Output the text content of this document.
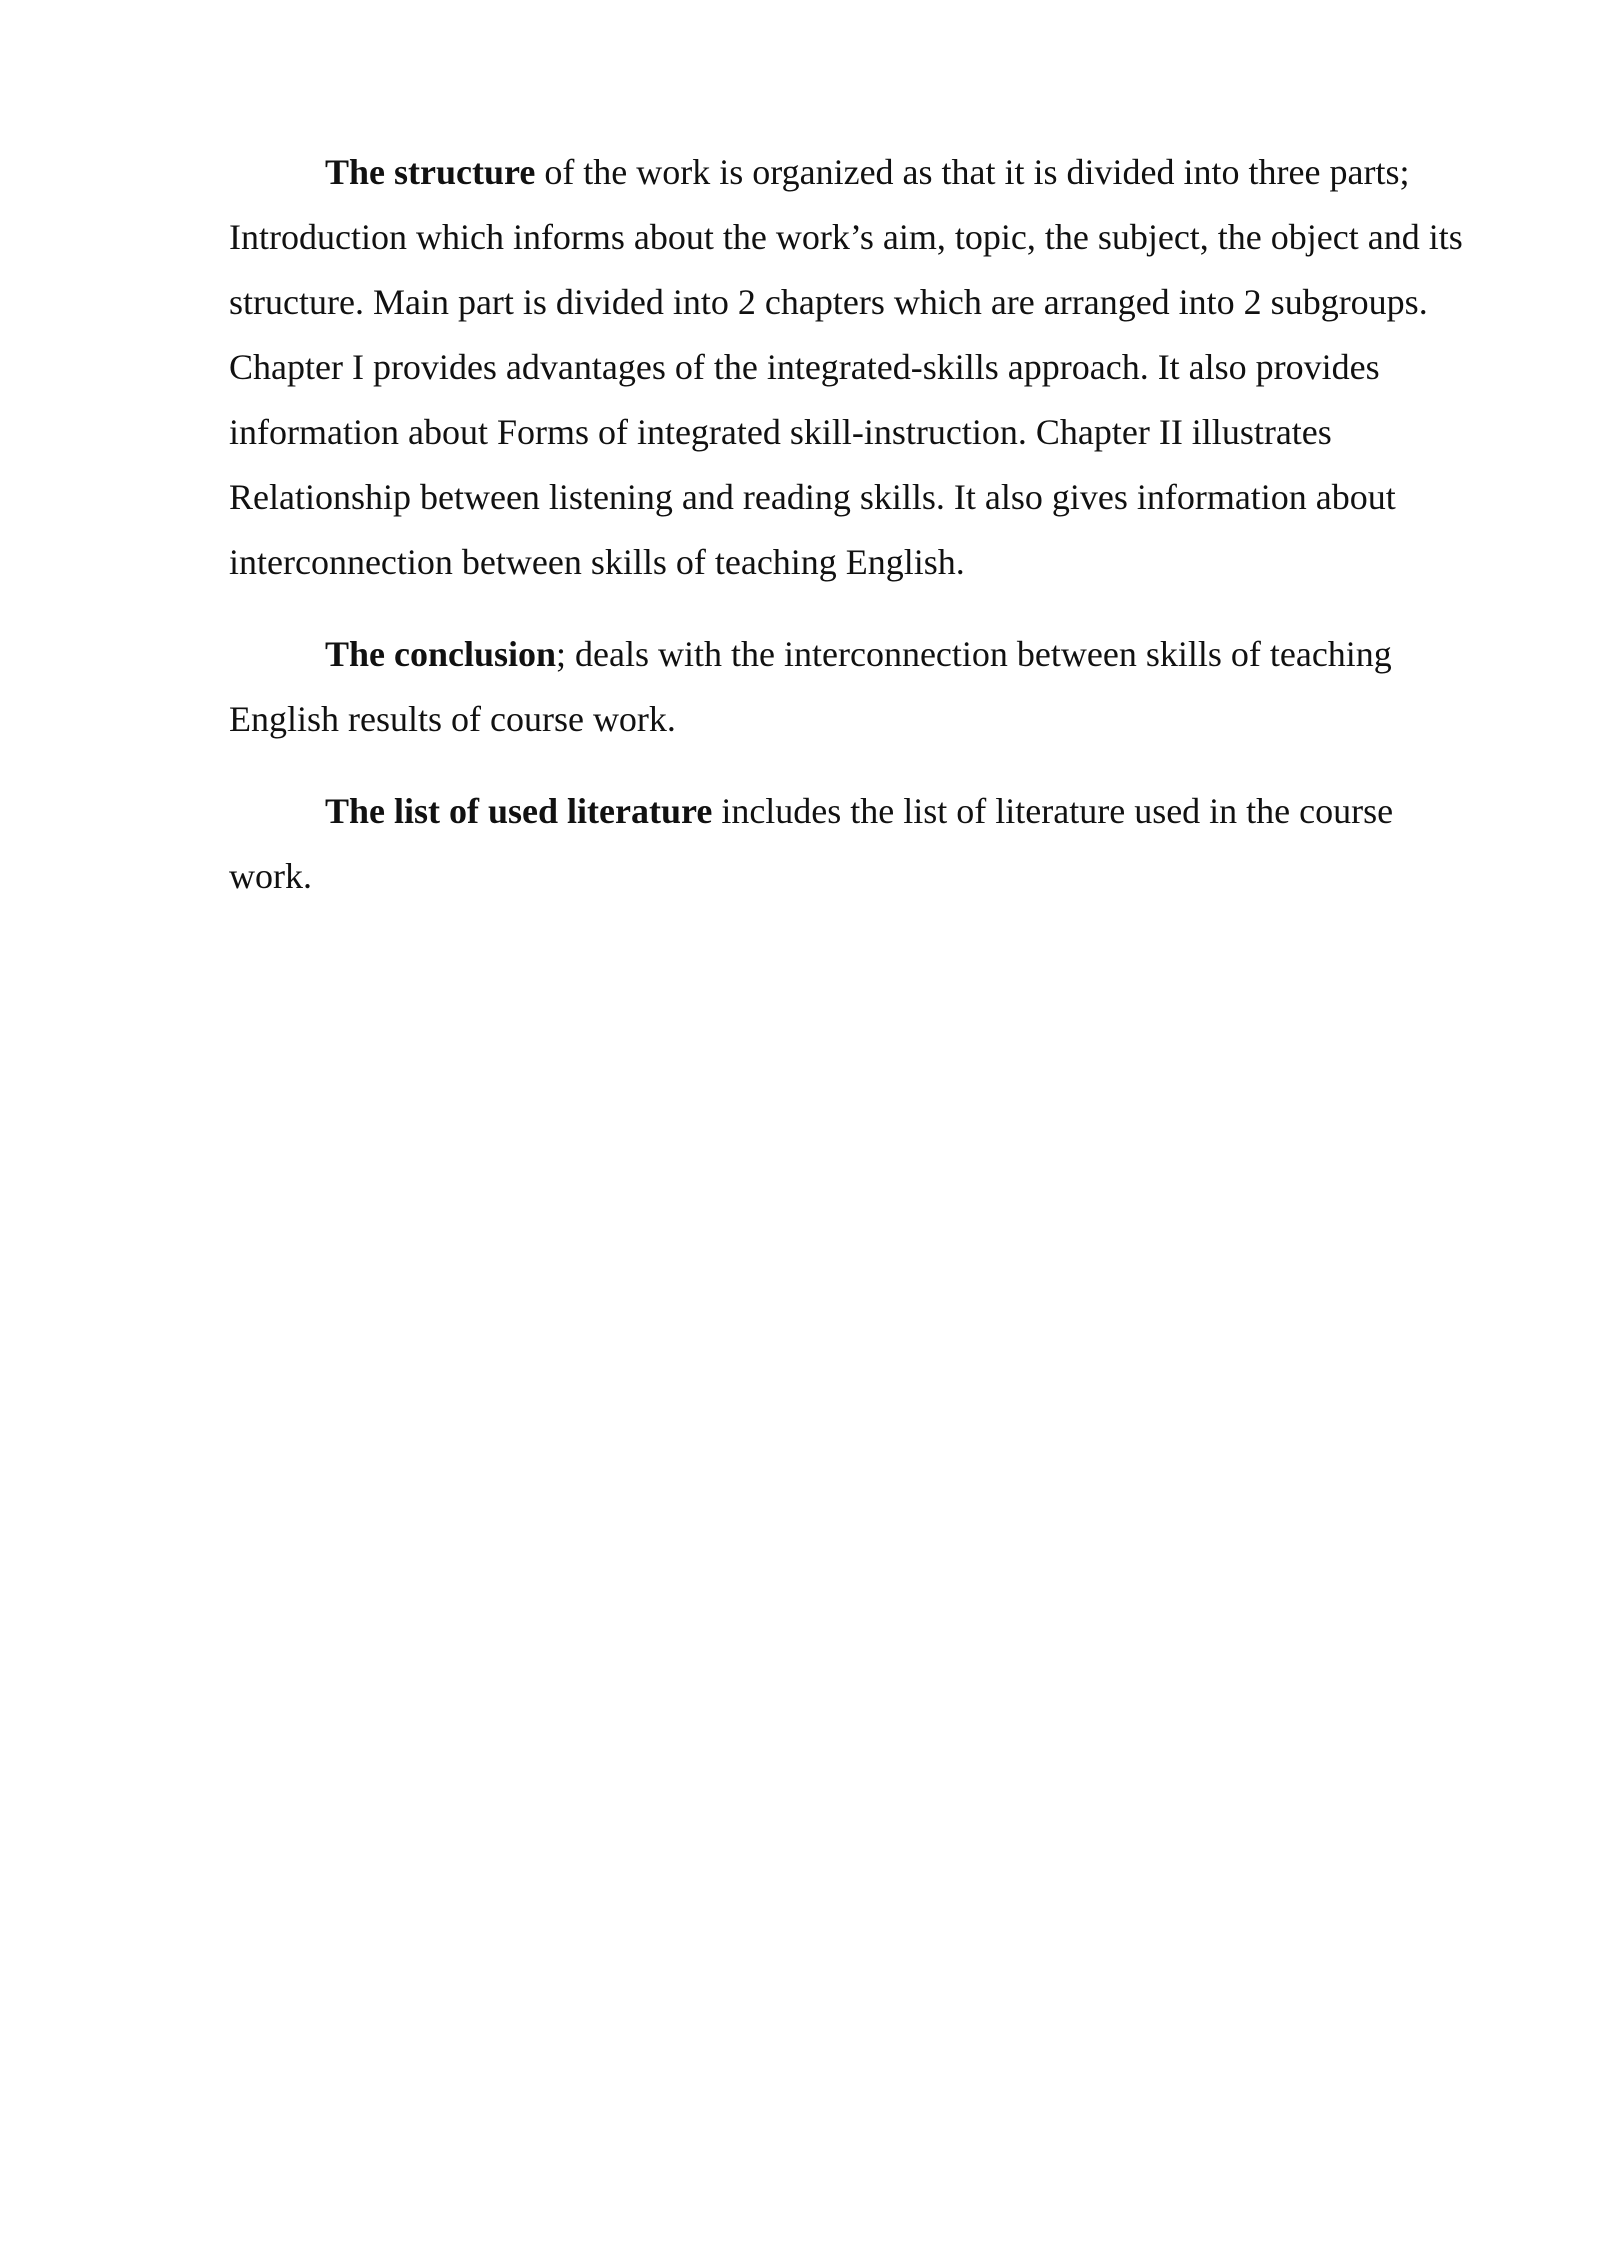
The structure of the work is organized as that it is divided into three parts; Introduction which informs about the work’s aim, topic, the subject, the object and its structure. Main part is divided into 2 chapters which are arranged into 2 subgroups. Chapter I provides advantages of the integrated-skills approach. It also provides information about Forms of integrated skill-instruction. Chapter II illustrates Relationship between listening and reading skills. It also gives information about interconnection between skills of teaching English.

The conclusion; deals with the interconnection between skills of teaching English results of course work.

The list of used literature includes the list of literature used in the course work.
